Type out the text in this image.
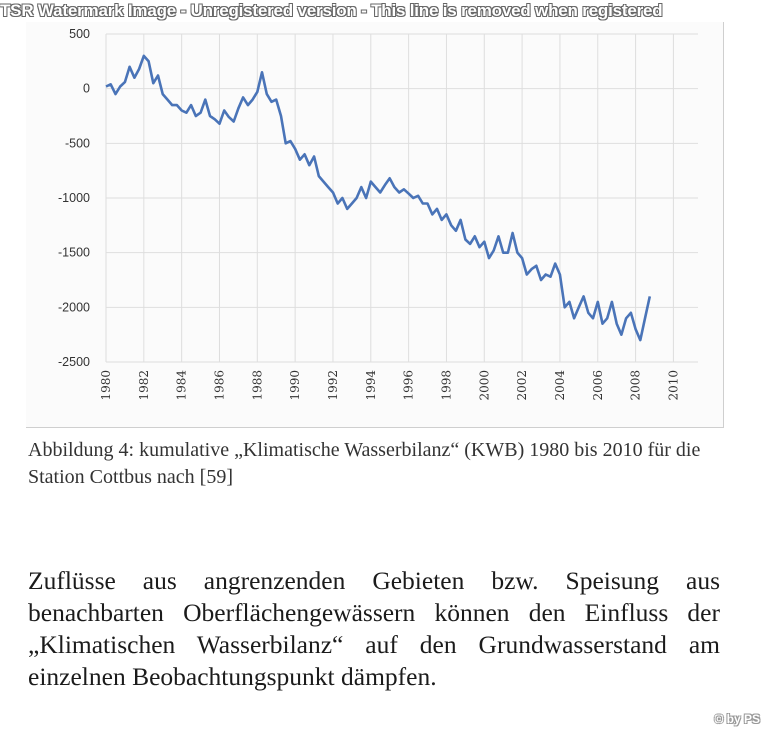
TSR Watermark Image - Unregistered version - This line is removed when registered
500
0
-500
-1000
-1500
-2000
-2500
1980 1982 1984 1986 1988 1990 1992 1994 1996 1998 2000 2002 2004 2006 2008 2010
Abbildung 4: kumulative „Klimatische Wasserbilanz“ (KWB) 1980 bis 2010 für die Station Cottbus nach [59]
Zuflüsse aus angrenzenden Gebieten bzw. Speisung aus benachbarten Oberflächengewässern können den Einfluss der „Klimatischen Wasserbilanz“ auf den Grundwasserstand am einzelnen Beobachtungspunkt dämpfen.
© by PS
